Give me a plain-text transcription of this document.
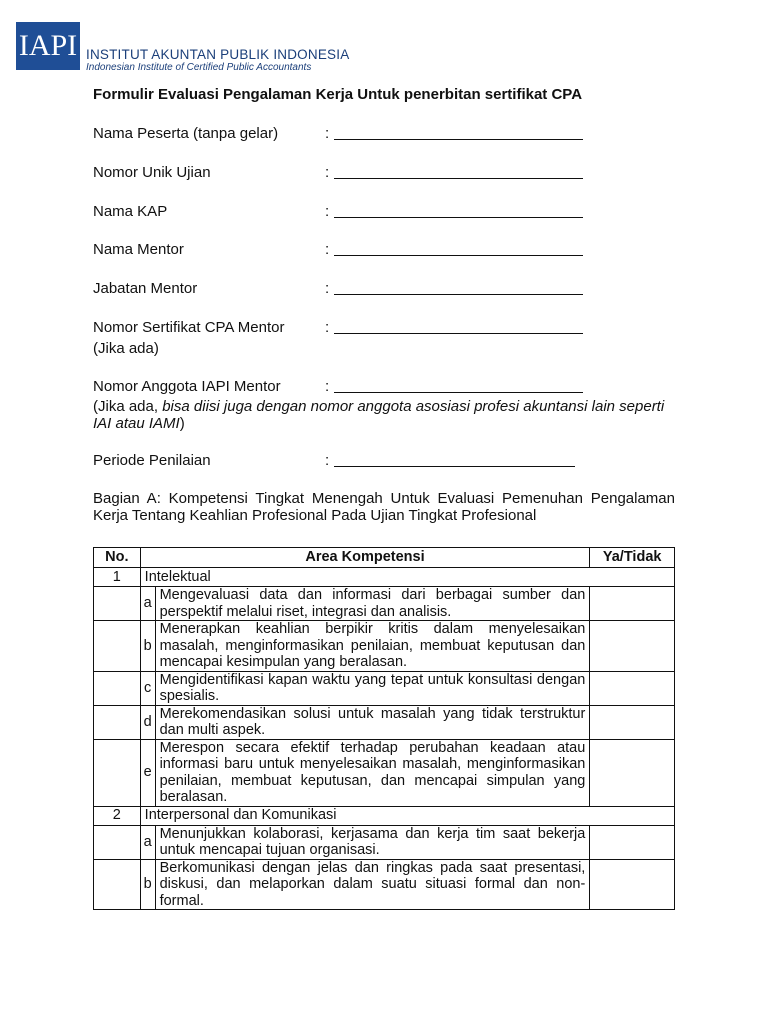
IAPI INSTITUT AKUNTAN PUBLIK INDONESIA
Indonesian Institute of Certified Public Accountants
Formulir Evaluasi Pengalaman Kerja Untuk penerbitan sertifikat CPA
Nama Peserta (tanpa gelar)	:
Nomor Unik Ujian	:
Nama KAP	:
Nama Mentor	:
Jabatan Mentor	:
Nomor Sertifikat CPA Mentor	:
(Jika ada)
Nomor Anggota IAPI Mentor	:
(Jika ada, bisa diisi juga dengan nomor anggota asosiasi profesi akuntansi lain seperti IAI atau IAMI)
Periode Penilaian	:
Bagian A: Kompetensi Tingkat Menengah Untuk Evaluasi Pemenuhan Pengalaman Kerja Tentang Keahlian Profesional Pada Ujian Tingkat Profesional
No.	Area Kompetensi		Ya/Tidak
1	Intelektual		
	a	Mengevaluasi data dan informasi dari berbagai sumber dan perspektif melalui riset, integrasi dan analisis.	
	b	Menerapkan keahlian berpikir kritis dalam menyelesaikan masalah, menginformasikan penilaian, membuat keputusan dan mencapai kesimpulan yang beralasan.	
	c	Mengidentifikasi kapan waktu yang tepat untuk konsultasi dengan spesialis.	
	d	Merekomendasikan solusi untuk masalah yang tidak terstruktur dan multi aspek.	
	e	Merespon secara efektif terhadap perubahan keadaan atau informasi baru untuk menyelesaikan masalah, menginformasikan penilaian, membuat keputusan, dan mencapai simpulan yang beralasan.	
2	Interpersonal dan Komunikasi		
	a	Menunjukkan kolaborasi, kerjasama dan kerja tim saat bekerja untuk mencapai tujuan organisasi.	
	b	Berkomunikasi dengan jelas dan ringkas pada saat presentasi, diskusi, dan melaporkan dalam suatu situasi formal dan non-formal.	
